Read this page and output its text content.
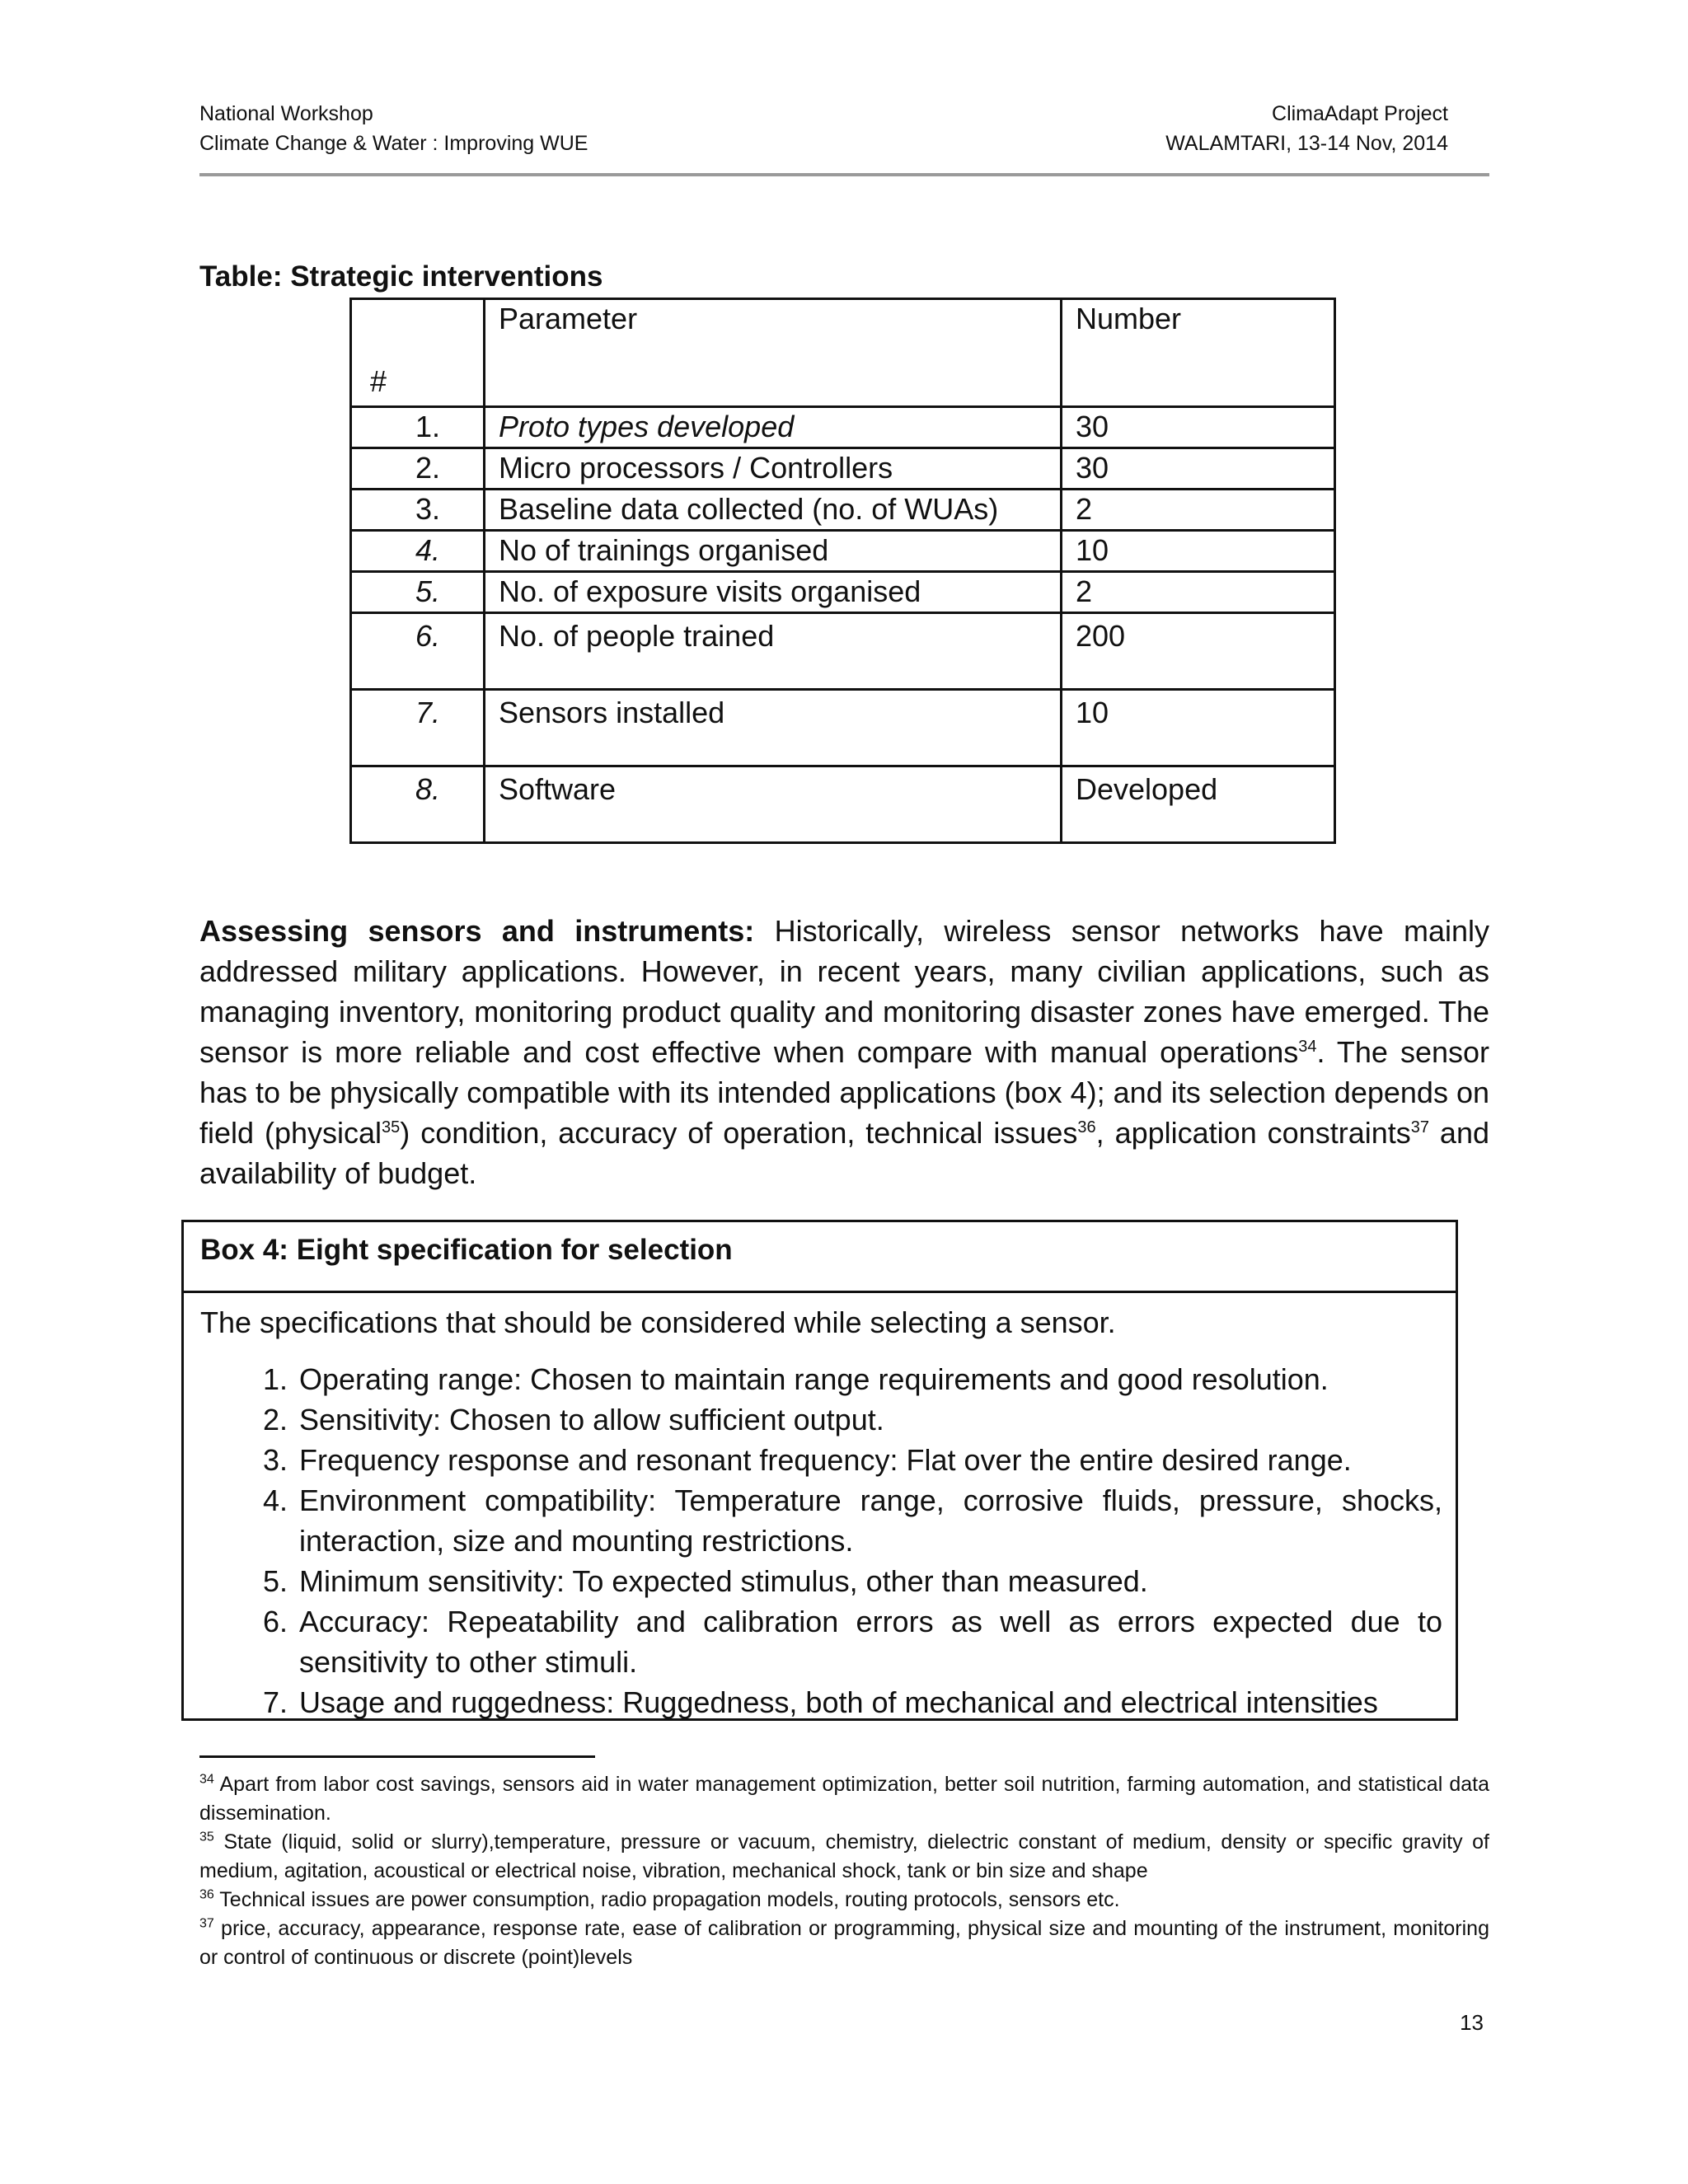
National Workshop
Climate Change & Water : Improving WUE
ClimaAdapt Project
WALAMTARI, 13-14 Nov, 2014
Table: Strategic interventions
#	Parameter	Number
1.	Proto types developed	30
2.	Micro processors / Controllers	30
3.	Baseline data collected (no. of WUAs)	2
4.	No of trainings organised	10
5.	No. of exposure visits organised	2
6.	No. of people trained	200
7.	Sensors installed	10
8.	Software	Developed

Assessing sensors and instruments: Historically, wireless sensor networks have mainly addressed military applications. However, in recent years, many civilian applications, such as managing inventory, monitoring product quality and monitoring disaster zones have emerged. The sensor is more reliable and cost effective when compare with manual operations$^{34}$. The sensor has to be physically compatible with its intended applications (box 4); and its selection depends on field (physical$^{35}$) condition, accuracy of operation, technical issues$^{36}$, application constraints$^{37}$ and availability of budget.

Box 4: Eight specification for selection
The specifications that should be considered while selecting a sensor.
1. Operating range: Chosen to maintain range requirements and good resolution.
2. Sensitivity: Chosen to allow sufficient output.
3. Frequency response and resonant frequency: Flat over the entire desired range.
4. Environment compatibility: Temperature range, corrosive fluids, pressure, shocks, interaction, size and mounting restrictions.
5. Minimum sensitivity: To expected stimulus, other than measured.
6. Accuracy: Repeatability and calibration errors as well as errors expected due to sensitivity to other stimuli.
7. Usage and ruggedness: Ruggedness, both of mechanical and electrical intensities

$^{34}$ Apart from labor cost savings, sensors aid in water management optimization, better soil nutrition, farming automation, and statistical data dissemination.

$^{35}$ State (liquid, solid or slurry),temperature, pressure or vacuum, chemistry, dielectric constant of medium, density or specific gravity of medium, agitation, acoustical or electrical noise, vibration, mechanical shock, tank or bin size and shape

$^{36}$ Technical issues are power consumption, radio propagation models, routing protocols, sensors etc.

$^{37}$ price, accuracy, appearance, response rate, ease of calibration or programming, physical size and mounting of the instrument, monitoring or control of continuous or discrete (point)levels

13
